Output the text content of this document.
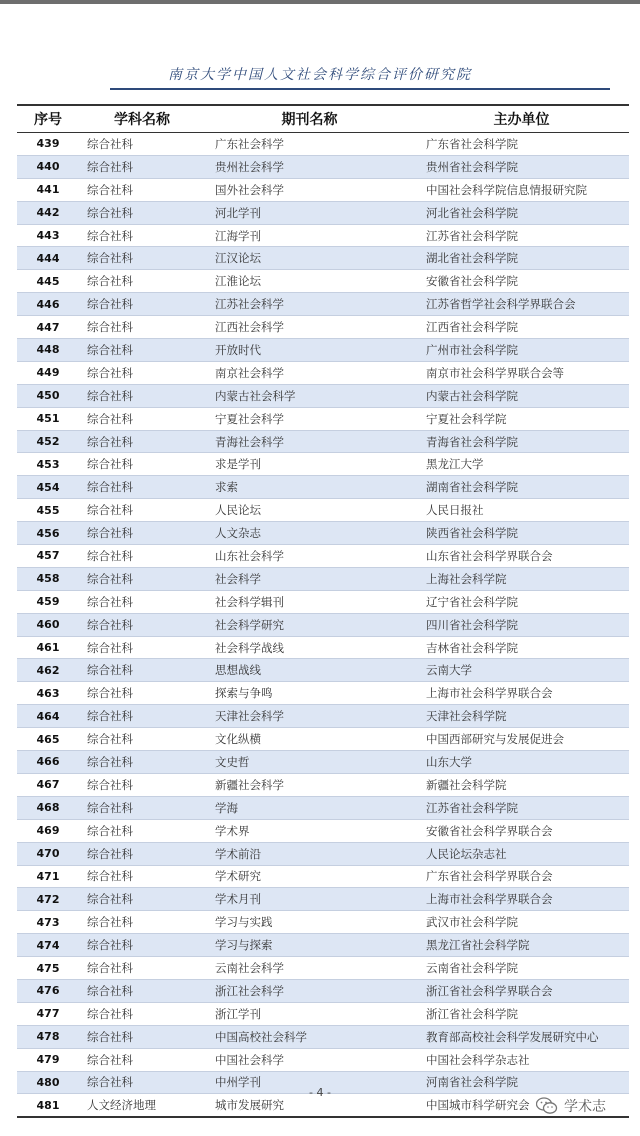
南京大学中国人文社会科学综合评价研究院
序号	学科名称	期刊名称	主办单位
439	综合社科	广东社会科学	广东省社会科学院
440	综合社科	贵州社会科学	贵州省社会科学院
441	综合社科	国外社会科学	中国社会科学院信息情报研究院
442	综合社科	河北学刊	河北省社会科学院
443	综合社科	江海学刊	江苏省社会科学院
444	综合社科	江汉论坛	湖北省社会科学院
445	综合社科	江淮论坛	安徽省社会科学院
446	综合社科	江苏社会科学	江苏省哲学社会科学界联合会
447	综合社科	江西社会科学	江西省社会科学院
448	综合社科	开放时代	广州市社会科学院
449	综合社科	南京社会科学	南京市社会科学界联合会等
450	综合社科	内蒙古社会科学	内蒙古社会科学院
451	综合社科	宁夏社会科学	宁夏社会科学院
452	综合社科	青海社会科学	青海省社会科学院
453	综合社科	求是学刊	黑龙江大学
454	综合社科	求索	湖南省社会科学院
455	综合社科	人民论坛	人民日报社
456	综合社科	人文杂志	陕西省社会科学院
457	综合社科	山东社会科学	山东省社会科学界联合会
458	综合社科	社会科学	上海社会科学院
459	综合社科	社会科学辑刊	辽宁省社会科学院
460	综合社科	社会科学研究	四川省社会科学院
461	综合社科	社会科学战线	吉林省社会科学院
462	综合社科	思想战线	云南大学
463	综合社科	探索与争鸣	上海市社会科学界联合会
464	综合社科	天津社会科学	天津社会科学院
465	综合社科	文化纵横	中国西部研究与发展促进会
466	综合社科	文史哲	山东大学
467	综合社科	新疆社会科学	新疆社会科学院
468	综合社科	学海	江苏省社会科学院
469	综合社科	学术界	安徽省社会科学界联合会
470	综合社科	学术前沿	人民论坛杂志社
471	综合社科	学术研究	广东省社会科学界联合会
472	综合社科	学术月刊	上海市社会科学界联合会
473	综合社科	学习与实践	武汉市社会科学院
474	综合社科	学习与探索	黑龙江省社会科学院
475	综合社科	云南社会科学	云南省社会科学院
476	综合社科	浙江社会科学	浙江省社会科学界联合会
477	综合社科	浙江学刊	浙江省社会科学院
478	综合社科	中国高校社会科学	教育部高校社会科学发展研究中心
479	综合社科	中国社会科学	中国社会科学杂志社
480	综合社科	中州学刊	河南省社会科学院
481	人文经济地理	城市发展研究	中国城市科学研究会
- 4 -
学术志
